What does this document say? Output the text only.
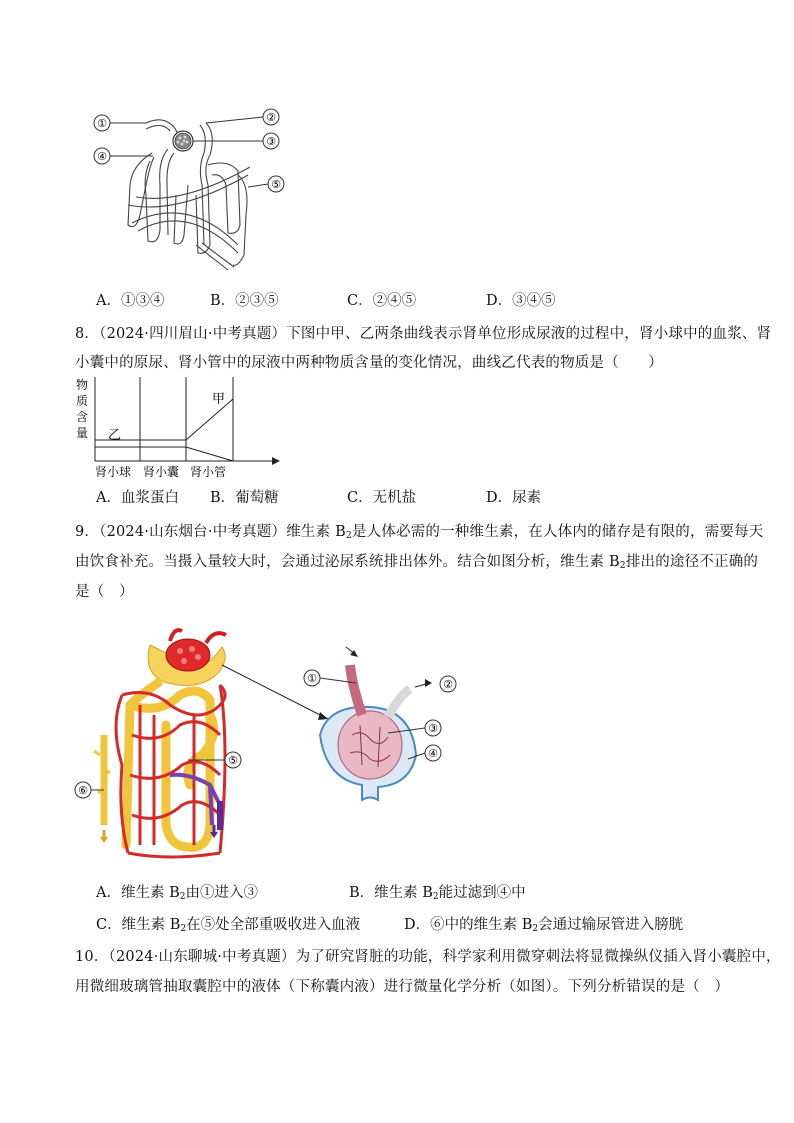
①	②
③
④
⑤
A．①③④	B．②③⑤	C．②④⑤	D．③④⑤
8．（2024·四川眉山·中考真题）下图中甲、乙两条曲线表示肾单位形成尿液的过程中，肾小球中的血浆、肾
小囊中的原尿、肾小管中的尿液中两种物质含量的变化情况，曲线乙代表的物质是（　　）
物
质
含
量
甲
乙
肾小球 肾小囊 肾小管
A．血浆蛋白 B．葡萄糖	C．无机盐	D．尿素
9．（2024·山东烟台·中考真题）维生素 $B_2$是人体必需的一种维生素，在人体内的储存是有限的，需要每天
由饮食补充。当摄入量较大时，会通过泌尿系统排出体外。结合如图分析，维生素 $B_2$排出的途径不正确的
是（　）
①	②
③
④
⑤
⑥
A．维生素 $B_2$由①进入③	B．维生素 $B_2$能过滤到④中
C．维生素 $B_2$在⑤处全部重吸收进入血液	D．⑥中的维生素 $B_2$会通过输尿管进入膀胱
10．（2024·山东聊城·中考真题）为了研究肾脏的功能，科学家利用微穿刺法将显微操纵仪插入肾小囊腔中，
用微细玻璃管抽取囊腔中的液体（下称囊内液）进行微量化学分析（如图）。下列分析错误的是（　）
